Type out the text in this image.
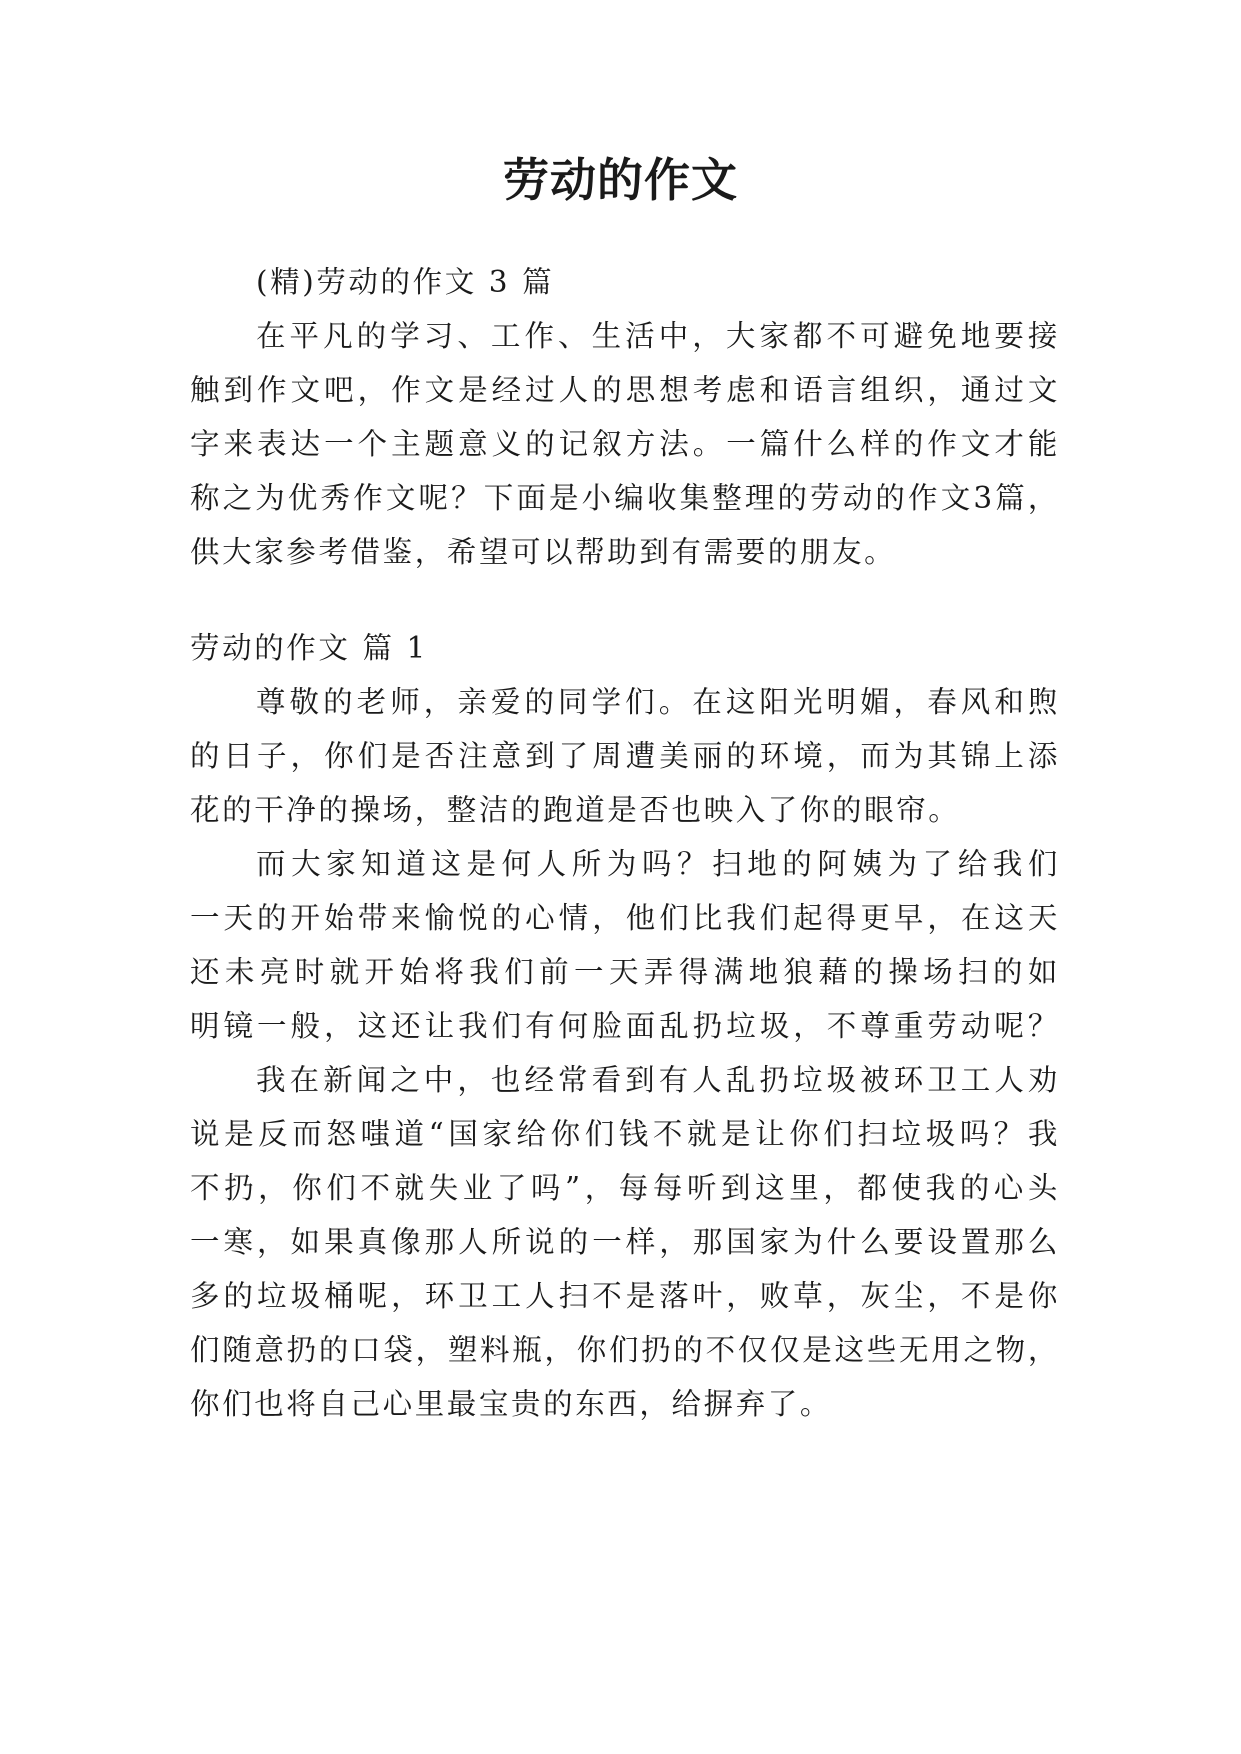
劳动的作文
(精)劳动的作文 3 篇
在平凡的学习、工作、生活中，大家都不可避免地要接
触到作文吧，作文是经过人的思想考虑和语言组织，通过文
字来表达一个主题意义的记叙方法。一篇什么样的作文才能
称之为优秀作文呢？下面是小编收集整理的劳动的作文3篇，
供大家参考借鉴，希望可以帮助到有需要的朋友。
劳动的作文 篇 1
尊敬的老师，亲爱的同学们。在这阳光明媚，春风和煦
的日子，你们是否注意到了周遭美丽的环境，而为其锦上添
花的干净的操场，整洁的跑道是否也映入了你的眼帘。
而大家知道这是何人所为吗？扫地的阿姨为了给我们
一天的开始带来愉悦的心情，他们比我们起得更早，在这天
还未亮时就开始将我们前一天弄得满地狼藉的操场扫的如
明镜一般，这还让我们有何脸面乱扔垃圾，不尊重劳动呢？
我在新闻之中，也经常看到有人乱扔垃圾被环卫工人劝
说是反而怒嗤道“国家给你们钱不就是让你们扫垃圾吗？我
不扔，你们不就失业了吗”，每每听到这里，都使我的心头
一寒，如果真像那人所说的一样，那国家为什么要设置那么
多的垃圾桶呢，环卫工人扫不是落叶，败草，灰尘，不是你
们随意扔的口袋，塑料瓶，你们扔的不仅仅是这些无用之物，
你们也将自己心里最宝贵的东西，给摒弃了。
